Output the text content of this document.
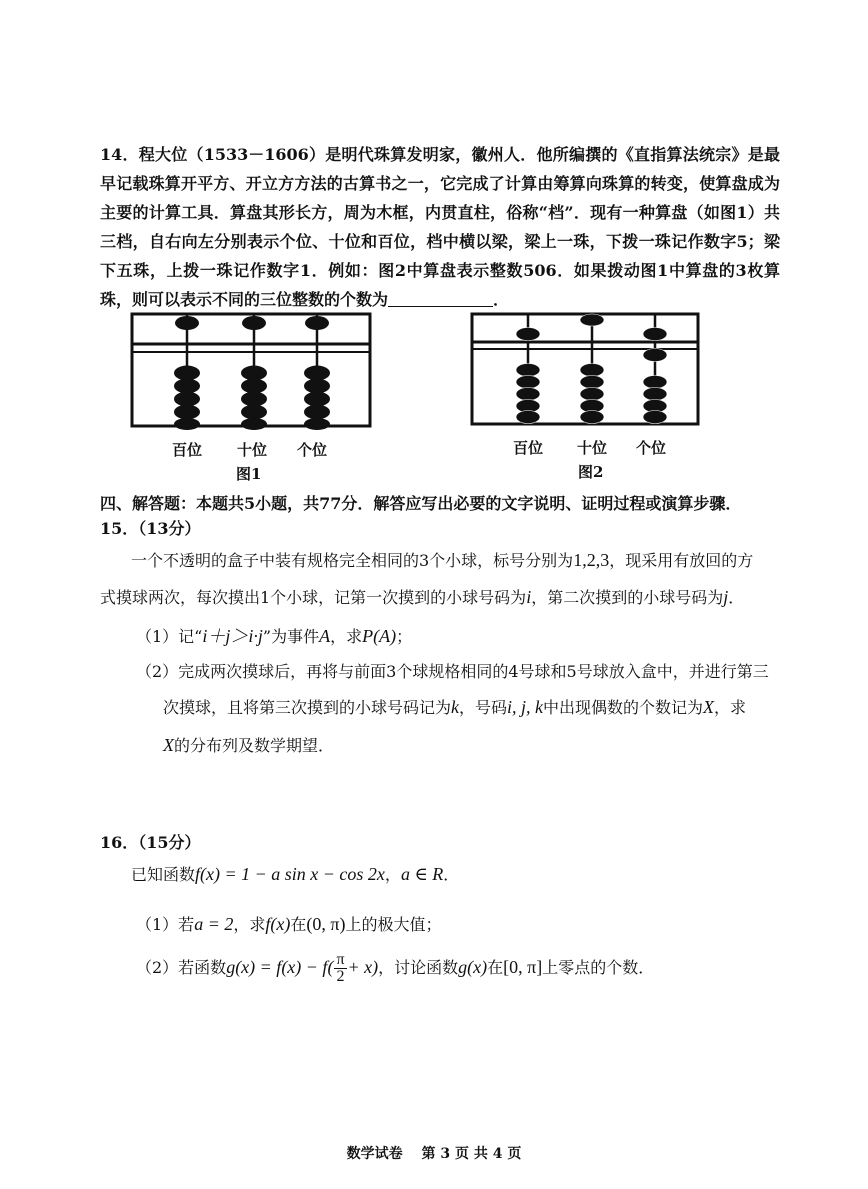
14．程大位（1533－1606）是明代珠算发明家，徽州人．他所编撰的《直指算法统宗》是最早记载珠算开平方、开立方方法的古算书之一，它完成了计算由筹算向珠算的转变，使算盘成为主要的计算工具．算盘其形长方，周为木框，内贯直柱，俗称“档”．现有一种算盘（如图1）共三档，自右向左分别表示个位、十位和百位，档中横以梁，梁上一珠，下拨一珠记作数字5；梁下五珠，上拨一珠记作数字1．例如：图2中算盘表示整数506．如果拨动图1中算盘的3枚算珠，则可以表示不同的三位整数的个数为	．
百位 十位 个位
图1
百位 十位 个位
图2
四、解答题：本题共5小题，共77分．解答应写出必要的文字说明、证明过程或演算步骤．
15．（13分）
一个不透明的盒子中装有规格完全相同的3个小球，标号分别为1,2,3，现采用有放回的方
式摸球两次，每次摸出1个小球，记第一次摸到的小球号码为i，第二次摸到的小球号码为j．
（1）记“i＋j＞i·j”为事件A，求P(A)；
（2）完成两次摸球后，再将与前面3个球规格相同的4号球和5号球放入盒中，并进行第三
次摸球，且将第三次摸到的小球号码记为k，号码i, j, k中出现偶数的个数记为X，求
X的分布列及数学期望．
16．（15分）
已知函数f(x) = 1 − a sin x − cos 2x，a ∈ R．
（1）若a = 2，求f(x)在(0, π)上的极大值；
（2）若函数$g(x) = f(x) - f( \frac{\pi}{2} + x)$，讨论函数g(x)在[0, π]上零点的个数．
数学试卷　 第 3 页 共 4 页
